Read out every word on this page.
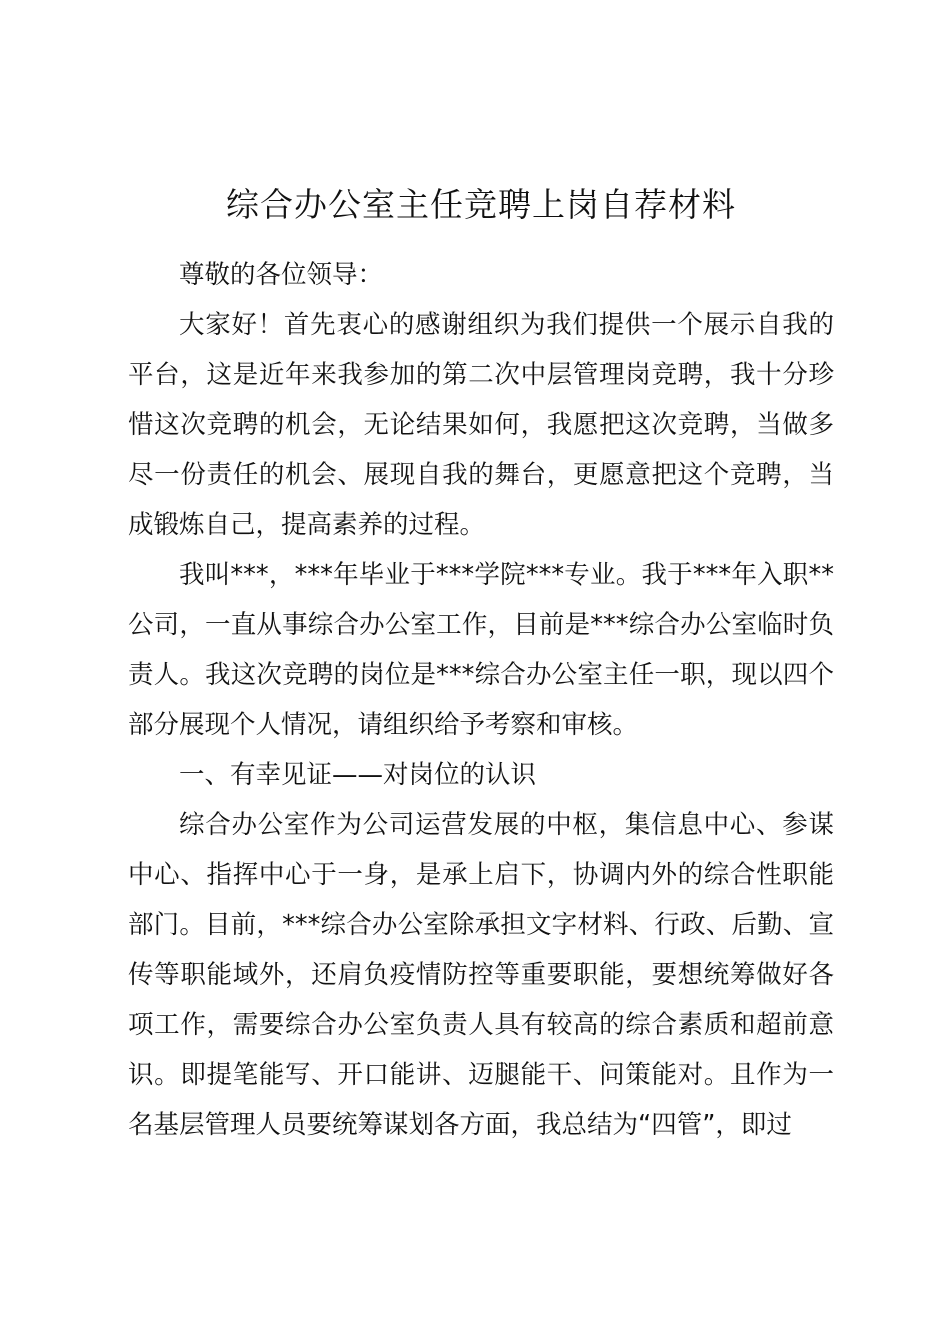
综合办公室主任竞聘上岗自荐材料

尊敬的各位领导：

大家好！首先衷心的感谢组织为我们提供一个展示自我的平台，这是近年来我参加的第二次中层管理岗竞聘，我十分珍惜这次竞聘的机会，无论结果如何，我愿把这次竞聘，当做多尽一份责任的机会、展现自我的舞台，更愿意把这个竞聘，当成锻炼自己，提高素养的过程。

我叫***，***年毕业于***学院***专业。我于***年入职**公司，一直从事综合办公室工作，目前是***综合办公室临时负责人。我这次竞聘的岗位是***综合办公室主任一职，现以四个部分展现个人情况，请组织给予考察和审核。

一、有幸见证——对岗位的认识

综合办公室作为公司运营发展的中枢，集信息中心、参谋中心、指挥中心于一身，是承上启下，协调内外的综合性职能部门。目前，***综合办公室除承担文字材料、行政、后勤、宣传等职能域外，还肩负疫情防控等重要职能，要想统筹做好各项工作，需要综合办公室负责人具有较高的综合素质和超前意识。即提笔能写、开口能讲、迈腿能干、问策能对。且作为一名基层管理人员要统筹谋划各方面，我总结为“四管”，即过
